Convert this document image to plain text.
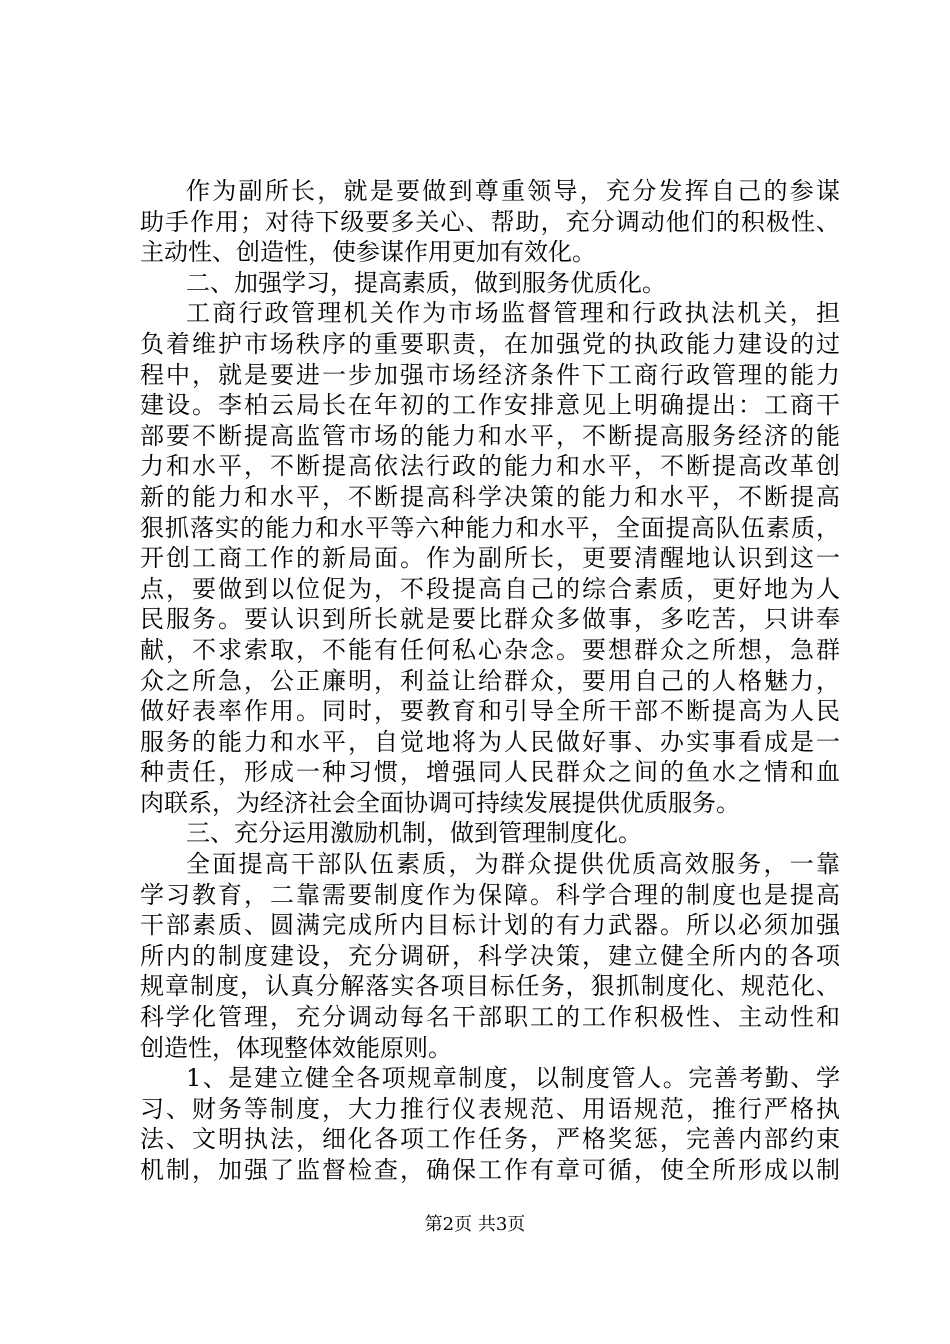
作为副所长，就是要做到尊重领导，充分发挥自己的参谋
助手作用；对待下级要多关心、帮助，充分调动他们的积极性、
主动性、创造性，使参谋作用更加有效化。
二、加强学习，提高素质，做到服务优质化。
工商行政管理机关作为市场监督管理和行政执法机关，担
负着维护市场秩序的重要职责，在加强党的执政能力建设的过
程中，就是要进一步加强市场经济条件下工商行政管理的能力
建设。李柏云局长在年初的工作安排意见上明确提出：工商干
部要不断提高监管市场的能力和水平，不断提高服务经济的能
力和水平，不断提高依法行政的能力和水平，不断提高改革创
新的能力和水平，不断提高科学决策的能力和水平，不断提高
狠抓落实的能力和水平等六种能力和水平，全面提高队伍素质，
开创工商工作的新局面。作为副所长，更要清醒地认识到这一
点，要做到以位促为，不段提高自己的综合素质，更好地为人
民服务。要认识到所长就是要比群众多做事，多吃苦，只讲奉
献，不求索取，不能有任何私心杂念。要想群众之所想，急群
众之所急，公正廉明，利益让给群众，要用自己的人格魅力，
做好表率作用。同时，要教育和引导全所干部不断提高为人民
服务的能力和水平，自觉地将为人民做好事、办实事看成是一
种责任，形成一种习惯，增强同人民群众之间的鱼水之情和血
肉联系，为经济社会全面协调可持续发展提供优质服务。
三、充分运用激励机制，做到管理制度化。
全面提高干部队伍素质，为群众提供优质高效服务，一靠
学习教育，二靠需要制度作为保障。科学合理的制度也是提高
干部素质、圆满完成所内目标计划的有力武器。所以必须加强
所内的制度建设，充分调研，科学决策，建立健全所内的各项
规章制度，认真分解落实各项目标任务，狠抓制度化、规范化、
科学化管理，充分调动每名干部职工的工作积极性、主动性和
创造性，体现整体效能原则。
1、是建立健全各项规章制度，以制度管人。完善考勤、学
习、财务等制度，大力推行仪表规范、用语规范，推行严格执
法、文明执法，细化各项工作任务，严格奖惩，完善内部约束
机制，加强了监督检查，确保工作有章可循，使全所形成以制
第2页 共3页
